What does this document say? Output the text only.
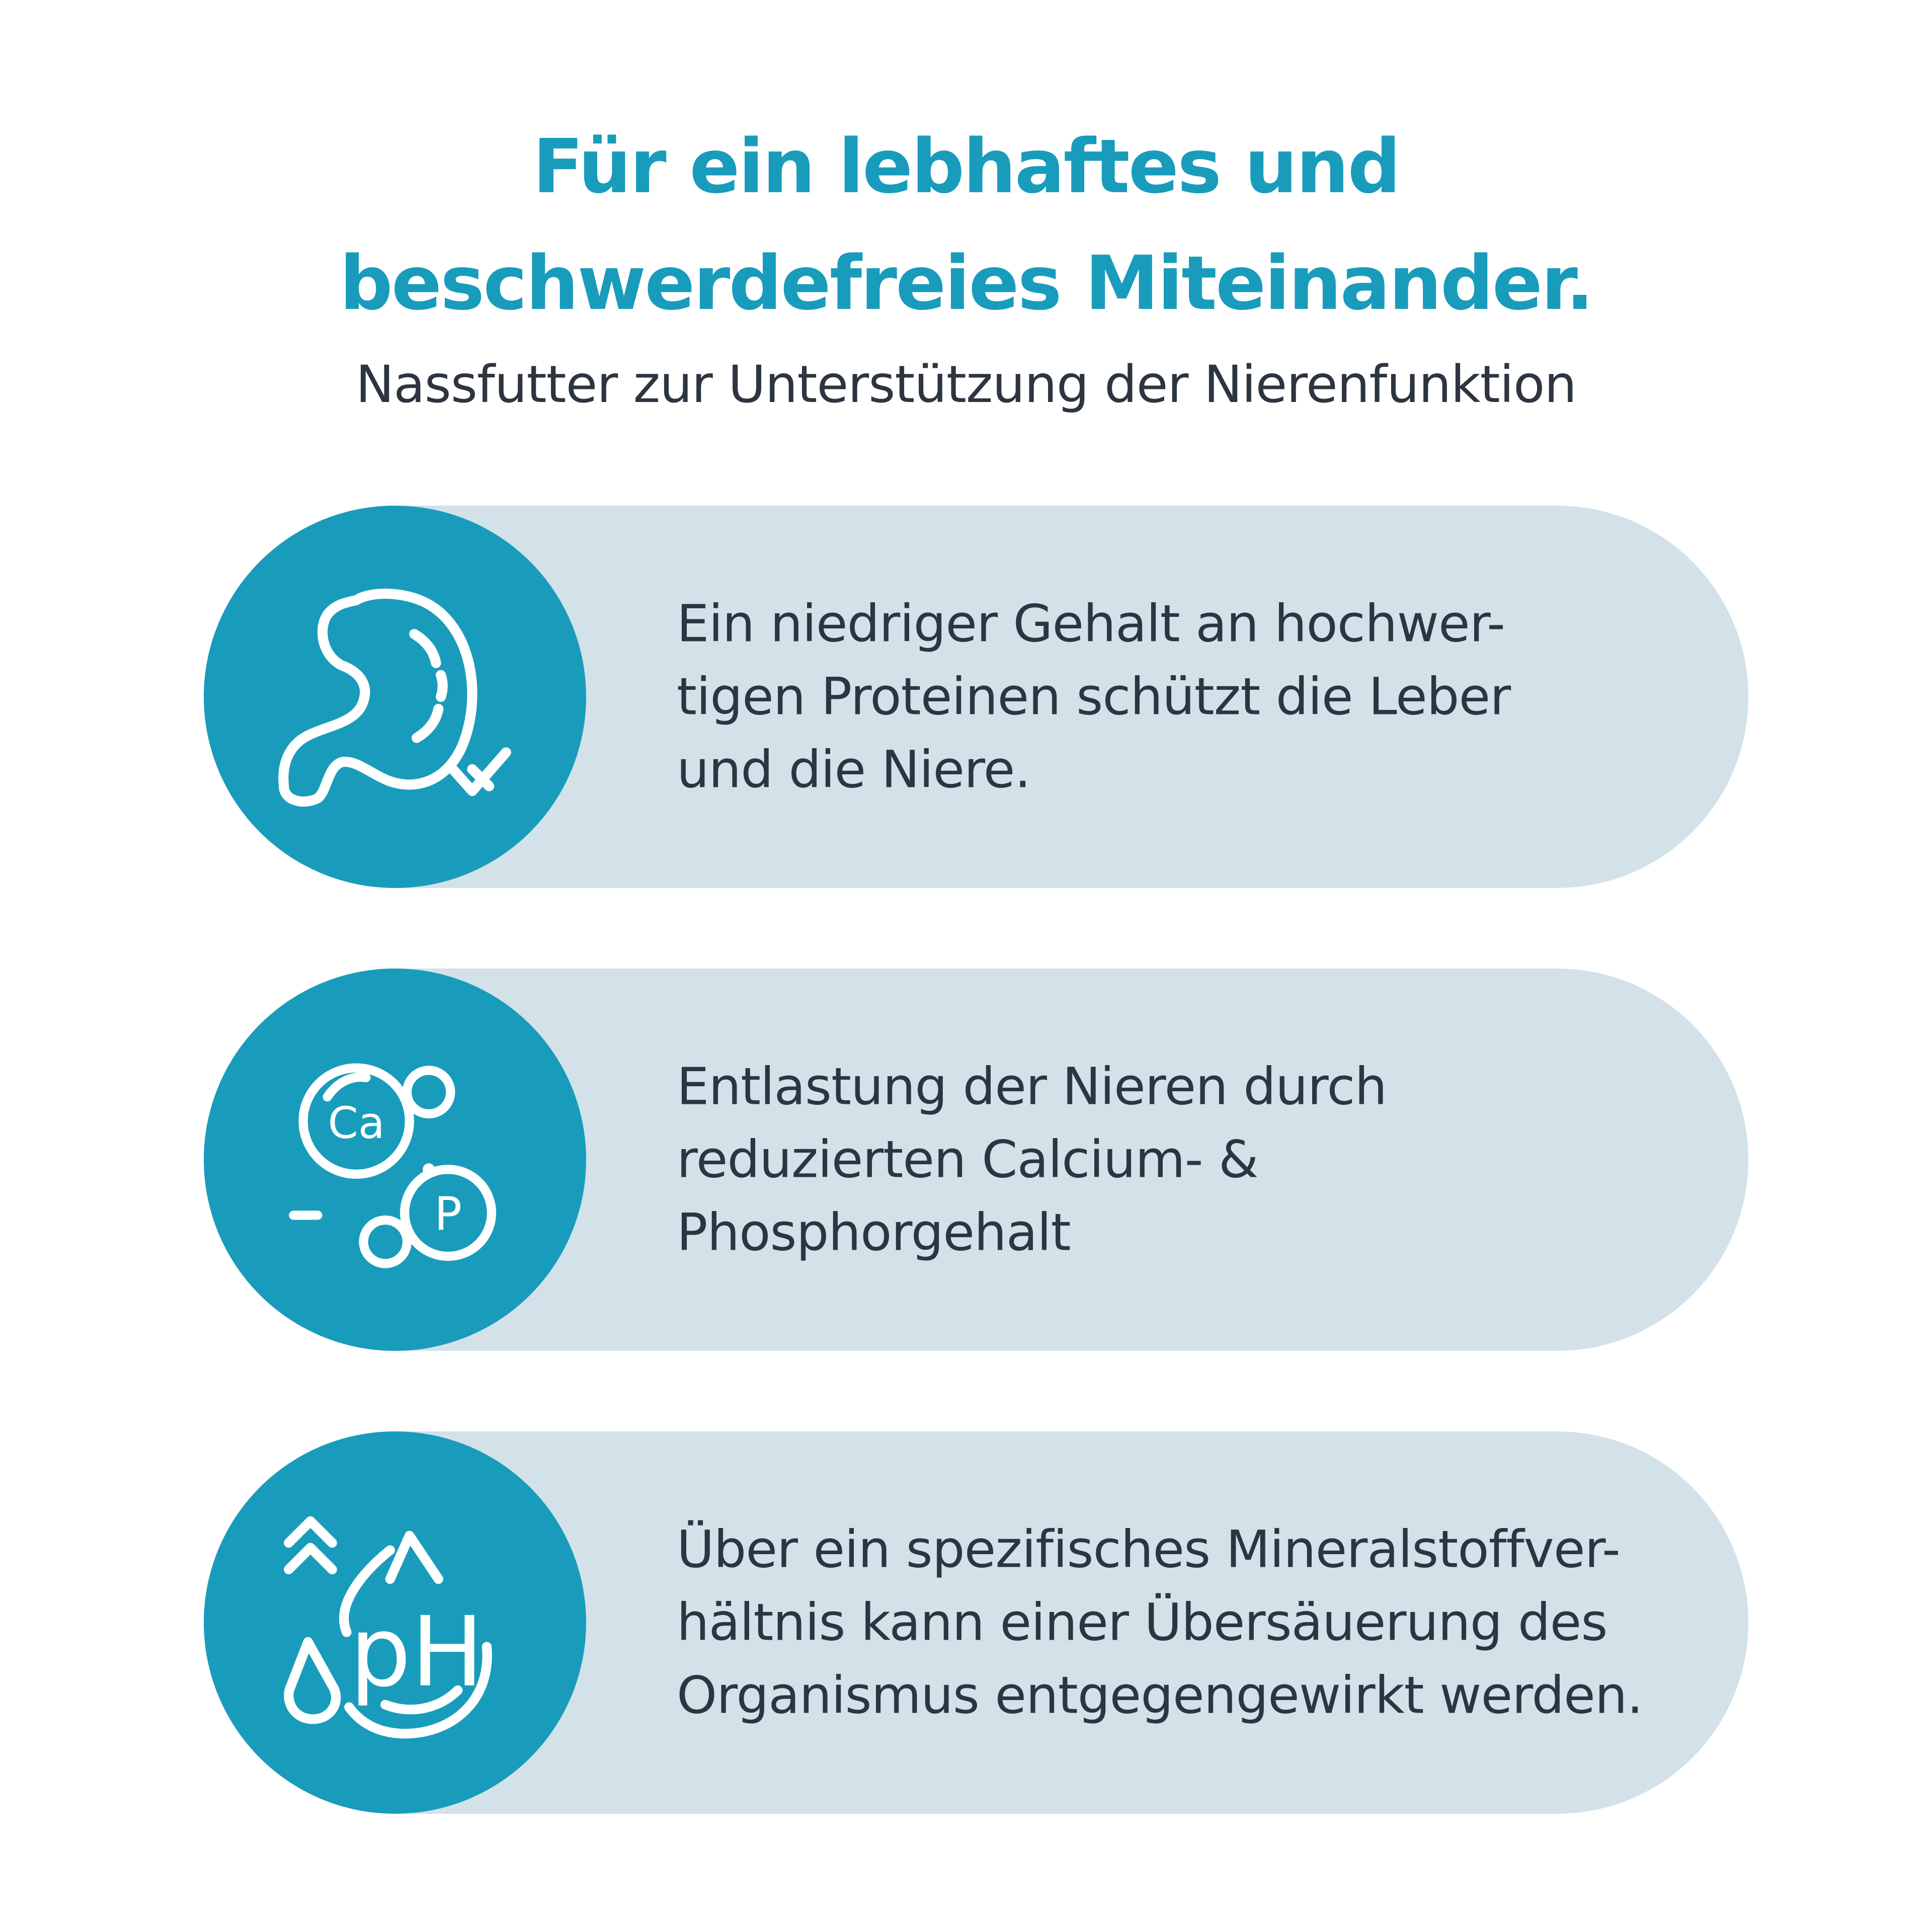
Für ein lebhaftes und
beschwerdefreies Miteinander.

Nassfutter zur Unterstützung der Nierenfunktion

Ein niedriger Gehalt an hochwer-
tigen Proteinen schützt die Leber
und die Niere.

Ca
P

Entlastung der Nieren durch
reduzierten Calcium- &
Phosphorgehalt

pH

Über ein spezifisches Mineralstoffver-
hältnis kann einer Übersäuerung des
Organismus entgegengewirkt werden.
